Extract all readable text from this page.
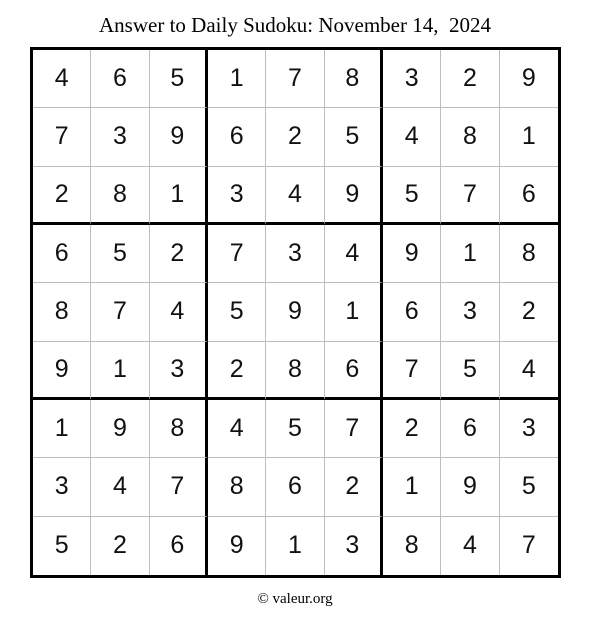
Answer to Daily Sudoku: November 14,  2024
4	6	5	1	7	8	3	2	9
7	3	9	6	2	5	4	8	1
2	8	1	3	4	9	5	7	6
6	5	2	7	3	4	9	1	8
8	7	4	5	9	1	6	3	2
9	1	3	2	8	6	7	5	4
1	9	8	4	5	7	2	6	3
3	4	7	8	6	2	1	9	5
5	2	6	9	1	3	8	4	7
© valeur.org
